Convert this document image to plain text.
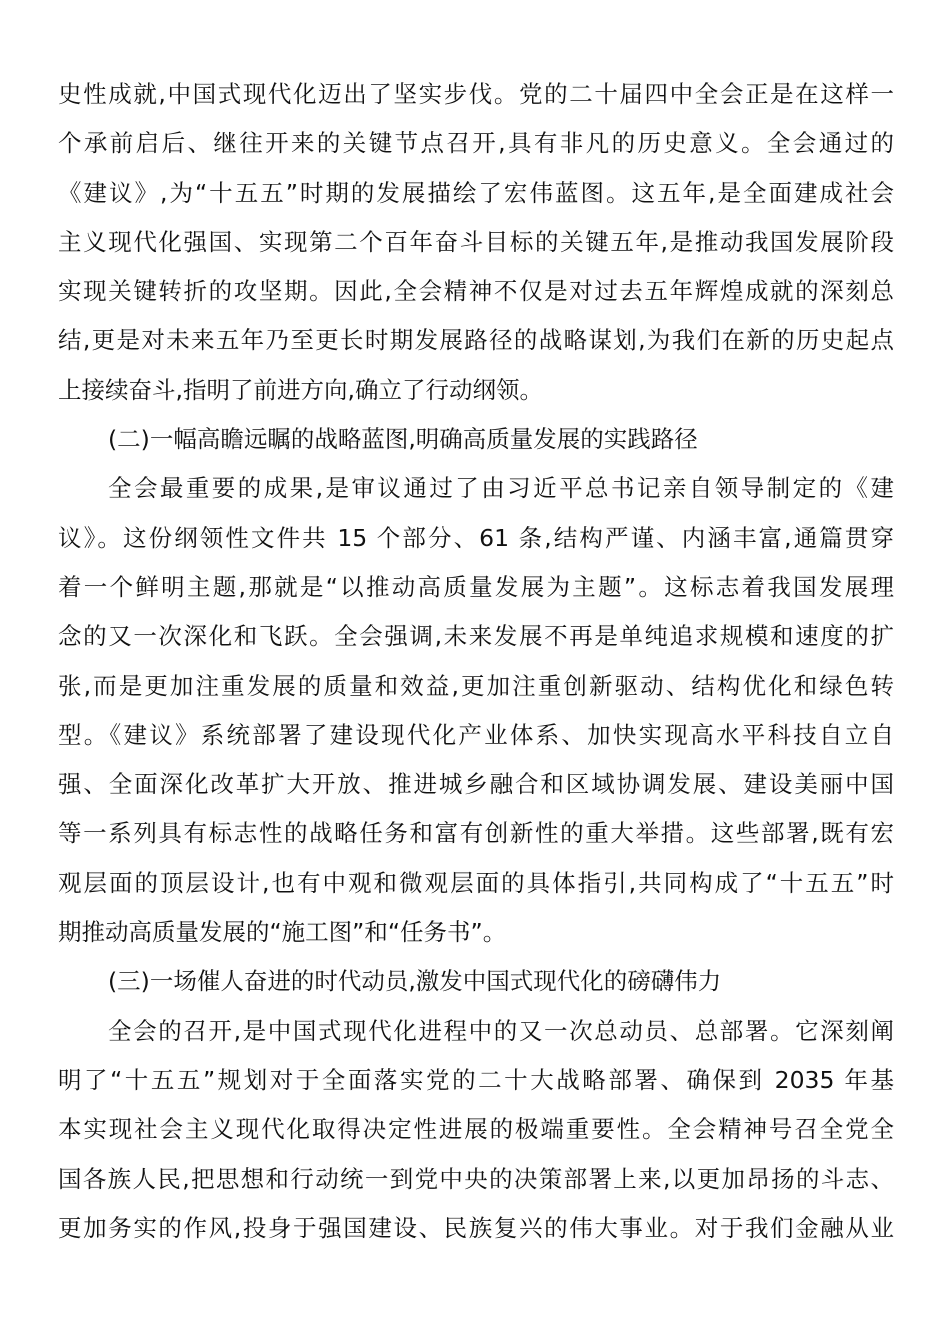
史性成就,中国式现代化迈出了坚实步伐。党的二十届四中全会正是在这样一
个承前启后、继往开来的关键节点召开,具有非凡的历史意义。全会通过的
《建议》,为“十五五”时期的发展描绘了宏伟蓝图。这五年,是全面建成社会
主义现代化强国、实现第二个百年奋斗目标的关键五年,是推动我国发展阶段
实现关键转折的攻坚期。因此,全会精神不仅是对过去五年辉煌成就的深刻总
结,更是对未来五年乃至更长时期发展路径的战略谋划,为我们在新的历史起点
上接续奋斗,指明了前进方向,确立了行动纲领。
(二)一幅高瞻远瞩的战略蓝图,明确高质量发展的实践路径
全会最重要的成果,是审议通过了由习近平总书记亲自领导制定的《建
议》。这份纲领性文件共 15 个部分、61 条,结构严谨、内涵丰富,通篇贯穿
着一个鲜明主题,那就是“以推动高质量发展为主题”。这标志着我国发展理
念的又一次深化和飞跃。全会强调,未来发展不再是单纯追求规模和速度的扩
张,而是更加注重发展的质量和效益,更加注重创新驱动、结构优化和绿色转
型。《建议》系统部署了建设现代化产业体系、加快实现高水平科技自立自
强、全面深化改革扩大开放、推进城乡融合和区域协调发展、建设美丽中国
等一系列具有标志性的战略任务和富有创新性的重大举措。这些部署,既有宏
观层面的顶层设计,也有中观和微观层面的具体指引,共同构成了“十五五”时
期推动高质量发展的“施工图”和“任务书”。
(三)一场催人奋进的时代动员,激发中国式现代化的磅礴伟力
全会的召开,是中国式现代化进程中的又一次总动员、总部署。它深刻阐
明了“十五五”规划对于全面落实党的二十大战略部署、确保到 2035 年基
本实现社会主义现代化取得决定性进展的极端重要性。全会精神号召全党全
国各族人民,把思想和行动统一到党中央的决策部署上来,以更加昂扬的斗志、
更加务实的作风,投身于强国建设、民族复兴的伟大事业。对于我们金融从业
